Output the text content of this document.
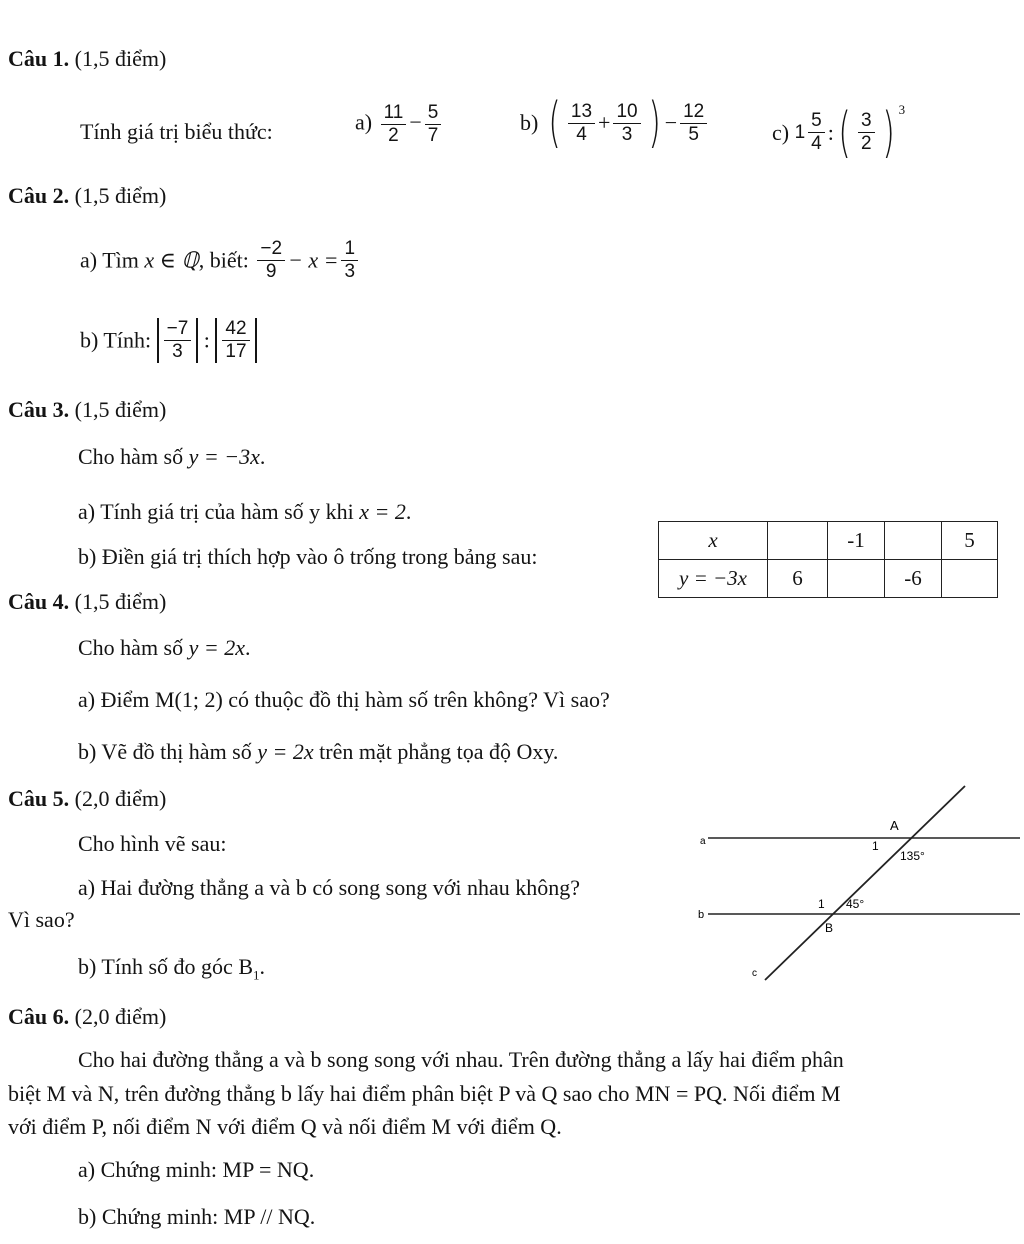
Câu 1. (1,5 điểm)
Tính giá trị biểu thức:	$a) \frac{11}{2} - \frac{5}{7}$	b) ( $\frac{13}{4} + \frac{10}{3}$ ) − $\frac{12}{5}$	c) $1 \frac{5}{4}$ :( $\frac{3}{2}$ ) $^3$
Câu 2. (1,5 điểm)
a) Tìm x ∈ ℚ, biết: $\frac{-2}{9} - x = \frac{1}{3}$
b) Tính: $\frac{-7}{3}$ : $\frac{42}{17}$
Câu 3. (1,5 điểm)
Cho hàm số y = −3x.
a) Tính giá trị của hàm số y khi x = 2.
b) Điền giá trị thích hợp vào ô trống trong bảng sau:
x		-1		5
y = −3x	6		-6	
Câu 4. (1,5 điểm)
Cho hàm số y = 2x.
a) Điểm M(1; 2) có thuộc đồ thị hàm số trên không? Vì sao?
b) Vẽ đồ thị hàm số y = 2x trên mặt phẳng tọa độ Oxy.
Câu 5. (2,0 điểm)
Cho hình vẽ sau:
a) Hai đường thẳng a và b có song song với nhau không?
Vì sao?
b) Tính số đo góc $B_1$.
a
b
c
A
1
135°
1 45°
B
Câu 6. (2,0 điểm)
Cho hai đường thẳng a và b song song với nhau. Trên đường thẳng a lấy hai điểm phân
biệt M và N, trên đường thẳng b lấy hai điểm phân biệt P và Q sao cho MN = PQ. Nối điểm M
với điểm P, nối điểm N với điểm Q và nối điểm M với điểm Q.
a) Chứng minh: MP = NQ.
b) Chứng minh: MP // NQ.
